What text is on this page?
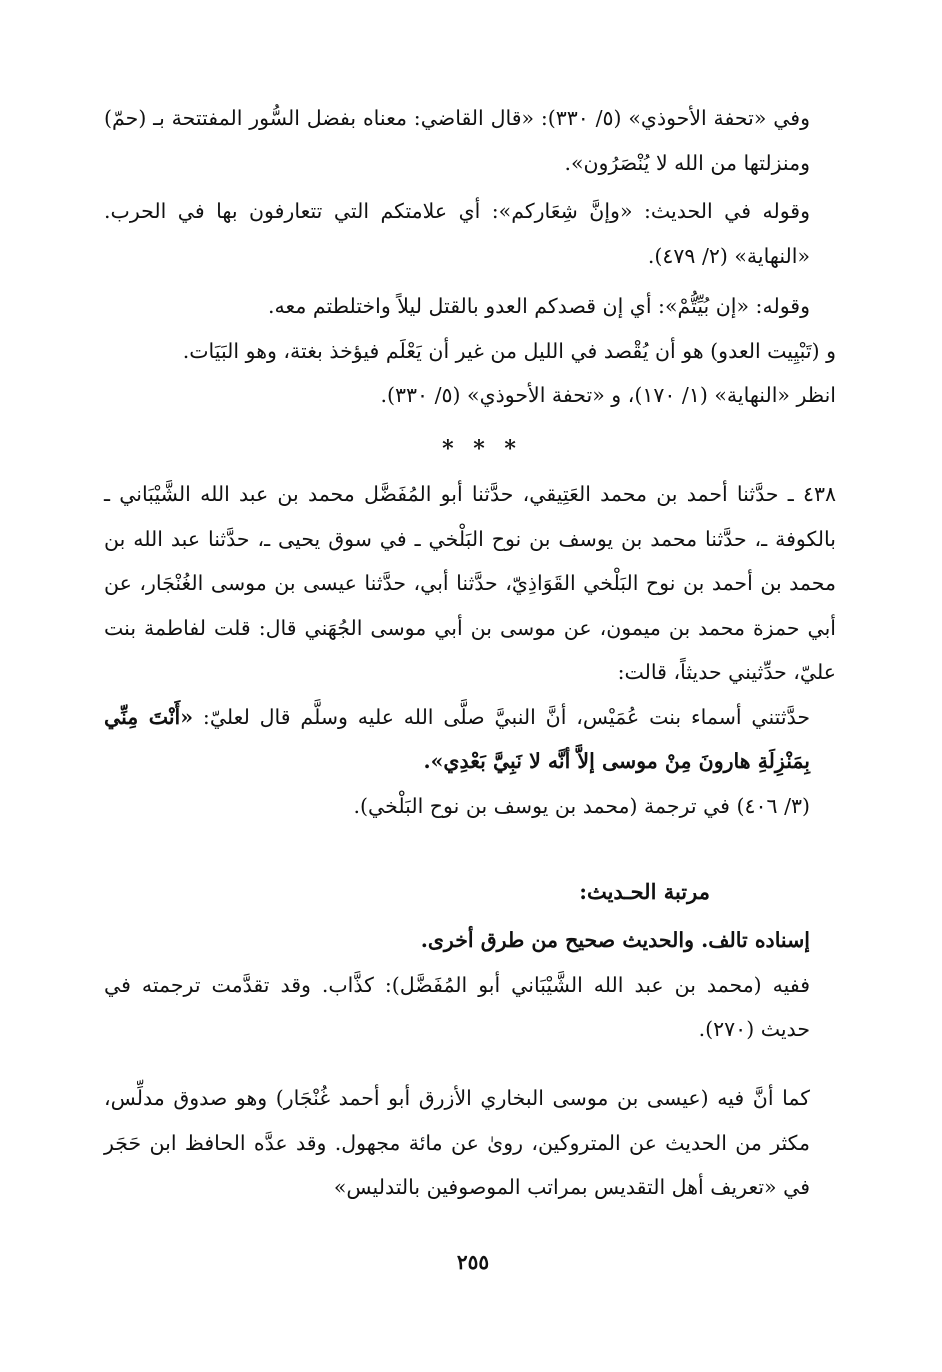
وفي «تحفة الأحوذي» (٥/ ٣٣٠): «قال القاضي: معناه بفضل السُّور المفتتحة بـ (حمّ) ومنزلتها من الله لا يُنْصَرُون».

وقوله في الحديث: «وإنَّ شِعَاركم»: أي علامتكم التي تتعارفون بها في الحرب. «النهاية» (٢/ ٤٧٩).

وقوله: «إن بُيِّتُّمْ»: أي إن قصدكم العدو بالقتل ليلاً واختلطتم معه.

و (تَبْيِيت العدو) هو أن يُقْصد في الليل من غير أن يَعْلَم فيؤخذ بغتة، وهو البَيَات.

انظر «النهاية» (١/ ١٧٠)، و «تحفة الأحوذي» (٥/ ٣٣٠).

* * *

٤٣٨ ـ حدَّثنا أحمد بن محمد العَتِيقي، حدَّثنا أبو المُفَضَّل محمد بن عبد الله الشَّيْبَاني ـ بالكوفة ـ، حدَّثنا محمد بن يوسف بن نوح البَلْخي ـ في سوق يحيى ـ، حدَّثنا عبد الله بن محمد بن أحمد بن نوح البَلْخي القَوَاذِيّ، حدَّثنا أبي، حدَّثنا عيسى بن موسى الغُنْجَار، عن أبي حمزة محمد بن ميمون، عن موسى بن أبي موسى الجُهَني قال: قلت لفاطمة بنت عليّ، حدِّثيني حديثاً، قالت:

حدَّثتني أسماء بنت عُمَيْس، أنَّ النبيَّ صلَّى الله عليه وسلَّم قال لعليّ: «أَنْتَ مِنِّي بِمَنْزِلَةِ هارونَ مِنْ موسى إلاَّ أنَّه لا نَبِيَّ بَعْدِي».

(٣/ ٤٠٦) في ترجمة (محمد بن يوسف بن نوح البَلْخي).

مرتبة الحـديث:

إسناده تالف. والحديث صحيح من طرق أخرى.

ففيه (محمد بن عبد الله الشَّيْبَاني أبو المُفَضَّل): كذَّاب. وقد تقدَّمت ترجمته في حديث (٢٧٠).

كما أنَّ فيه (عيسى بن موسى البخاري الأزرق أبو أحمد غُنْجَار) وهو صدوق مدلِّس، مكثر من الحديث عن المتروكين، روىٰ عن مائة مجهول. وقد عدَّه الحافظ ابن حَجَر في «تعريف أهل التقديس بمراتب الموصوفين بالتدليس»

٢٥٥
